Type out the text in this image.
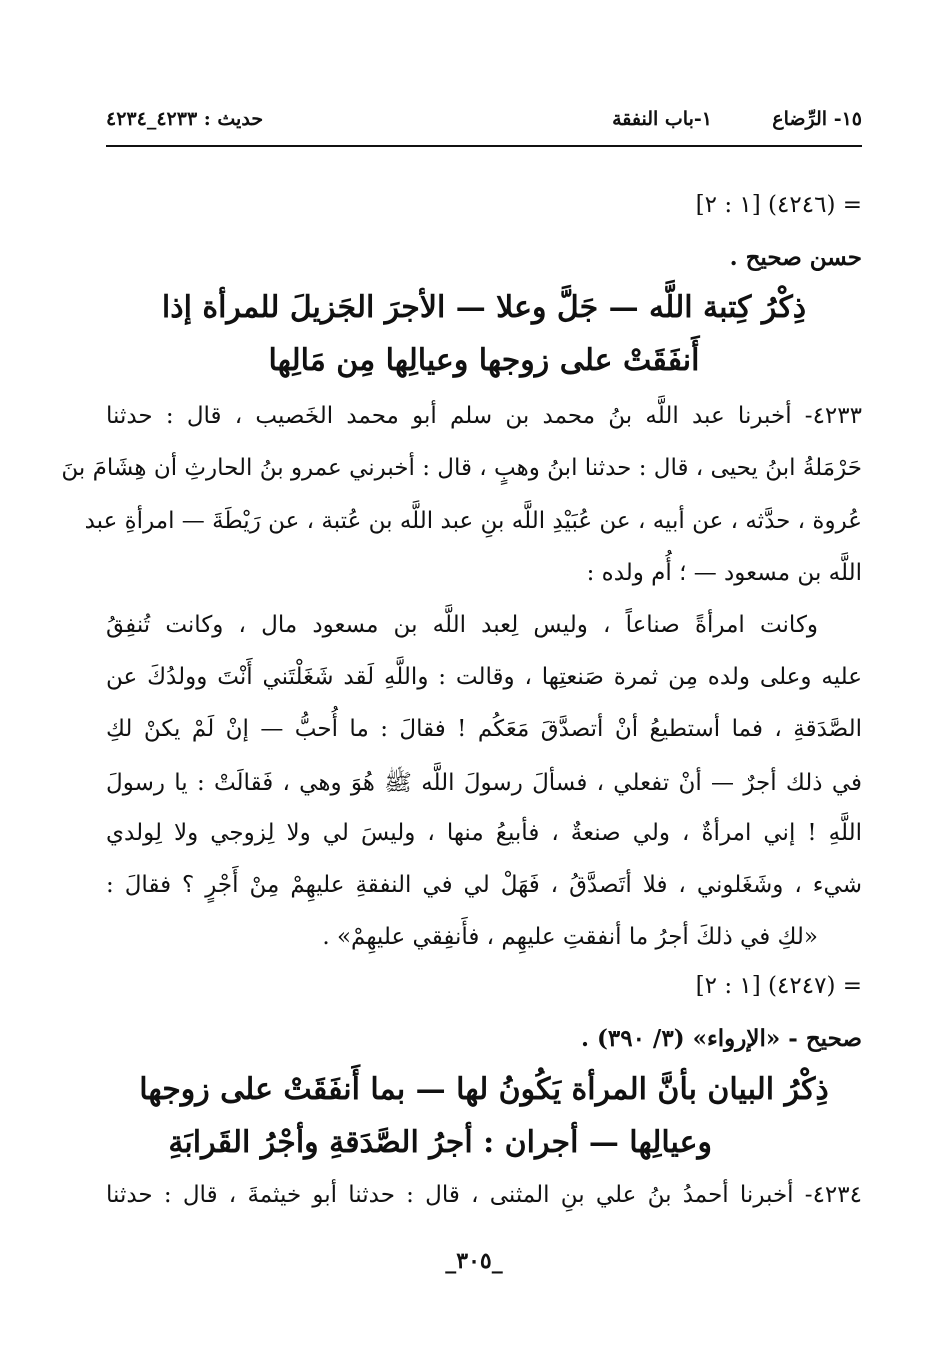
١٥- الرِّضاع
١-باب النفقة
حديث : ٤٢٣٣_٤٢٣٤
= (٤٢٤٦) [١ : ٢]
حسن صحيح .
ذِكْرُ كِتبة اللَّه — جَلَّ وعلا — الأجرَ الجَزيلَ للمرأة إذا
أَنفَقَتْ على زوجها وعيالِها مِن مَالِها
٤٢٣٣- أخبرنا عبد اللَّه بنُ محمد بن سلم أبو محمد الخَصيب ، قال : حدثنا
حَرْمَلةُ ابنُ يحيى ، قال : حدثنا ابنُ وهبٍ ، قال : أخبرني عمرو بنُ الحارثِ أن هِشَامَ بنَ
عُروة ، حدَّثه ، عن أبيه ، عن عُبَيْدِ اللَّه بنِ عبد اللَّه بن عُتبة ، عن رَيْطَةَ — امرأةِ عبد
اللَّه بن مسعود — ؛ أُم ولده :
وكانت امرأةً صناعاً ، وليس لِعبد اللَّه بن مسعود مال ، وكانت تُنفِقُ
عليه وعلى ولده مِن ثمرة صَنعتِها ، وقالت : واللَّهِ لَقد شَغَلْتَني أَنْتَ وولدُكَ عن
الصَّدَقةِ ، فما أستطيعُ أنْ أتصدَّقَ مَعَكُم ! فقالَ : ما أُحبُّ — إنْ لَمْ يكنْ لكِ
في ذلك أجرٌ — أنْ تفعلي ، فسألَ رسولَ اللَّه ﷺ هُوَ وهي ، فَقالَتْ : يا رسولَ
اللَّهِ ! إني امرأةٌ ، ولي صنعةٌ ، فأبيعُ منها ، وليسَ لي ولا لِزوجي ولا لِولدي
شيء ، وشَغَلوني ، فلا أتَصدَّقُ ، فَهَلْ لي في النفقةِ عليهِمْ مِنْ أَجْرٍ ؟ فقالَ :
«لكِ في ذلكَ أجرُ ما أنفقتِ عليهِم ، فأَنفِقي عليهِمْ» .
= (٤٢٤٧) [١ : ٢]
صحيح - «الإرواء» (٣/ ٣٩٠) .
ذِكْرُ البيان بأنَّ المرأة يَكُونُ لها — بما أَنفَقَتْ على زوجها
وعيالِها — أجران : أجرُ الصَّدَقةِ وأجْرُ القَرابَةِ
٤٢٣٤- أخبرنا أحمدُ بنُ علي بنِ المثنى ، قال : حدثنا أبو خيثمةَ ، قال : حدثنا
_٣٠٥_
